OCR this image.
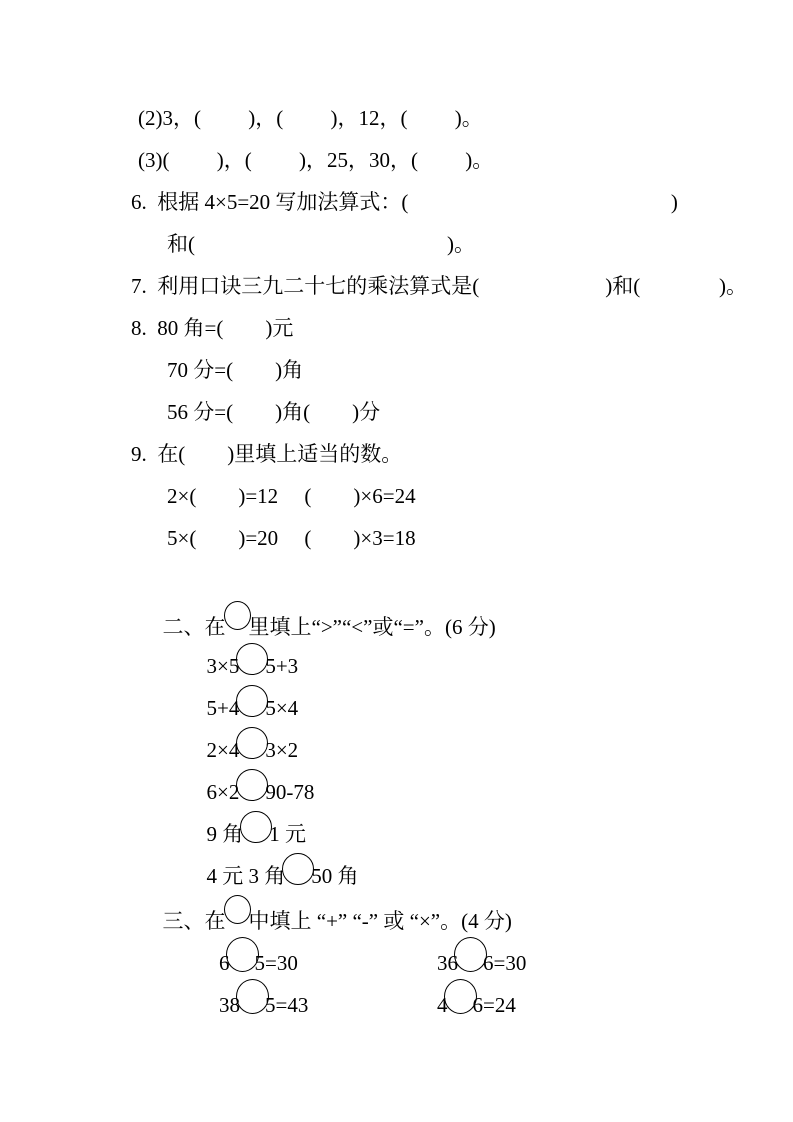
(2)3，(         )，(         )，12，(         )。
(3)(         )，(         )，25，30，(         )。
6.  根据 4×5=20 写加法算式：(                                                  )
和(                                                )。
7.  利用口诀三九二十七的乘法算式是(                        )和(               )。
8.  80 角=(        )元
70 分=(        )角
56 分=(        )角(        )分
9.  在(        )里填上适当的数。
2×(        )=12     (        )×6=24
5×(        )=20     (        )×3=18

二、在 里填上“>”“<”或“=”。(6 分)

3×5 5+3

5+4 5×4

2×4 3×2

6×2 90-78

9 角 1 元

4 元 3 角 50 角

三、在 中填上 “+” “-” 或 “×”。(4 分)

6 5=30
	36 6=30

38 5=43
	4 6=24
